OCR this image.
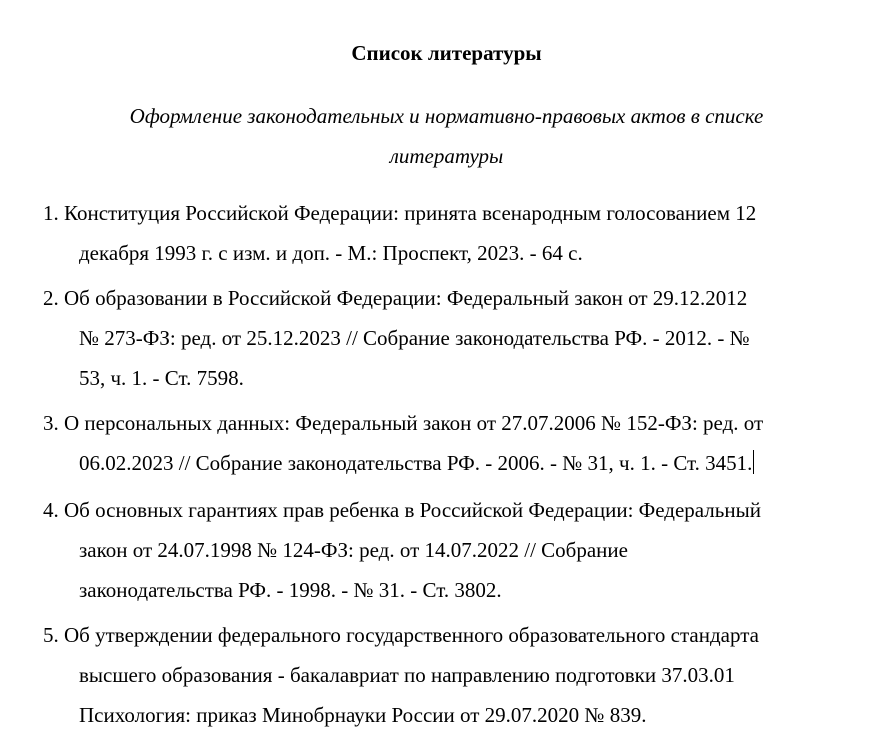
Список литературы

Оформление законодательных и нормативно-правовых актов в списке
литературы

1. Конституция Российской Федерации: принята всенародным голосованием 12
декабря 1993 г. с изм. и доп. - М.: Проспект, 2023. - 64 с.
2. Об образовании в Российской Федерации: Федеральный закон от 29.12.2012
№ 273-ФЗ: ред. от 25.12.2023 // Собрание законодательства РФ. - 2012. - №
53, ч. 1. - Ст. 7598.
3. О персональных данных: Федеральный закон от 27.07.2006 № 152-ФЗ: ред. от
06.02.2023 // Собрание законодательства РФ. - 2006. - № 31, ч. 1. - Ст. 3451.
4. Об основных гарантиях прав ребенка в Российской Федерации: Федеральный
закон от 24.07.1998 № 124-ФЗ: ред. от 14.07.2022 // Собрание
законодательства РФ. - 1998. - № 31. - Ст. 3802.
5. Об утверждении федерального государственного образовательного стандарта
высшего образования - бакалавриат по направлению подготовки 37.03.01
Психология: приказ Минобрнауки России от 29.07.2020 № 839.
